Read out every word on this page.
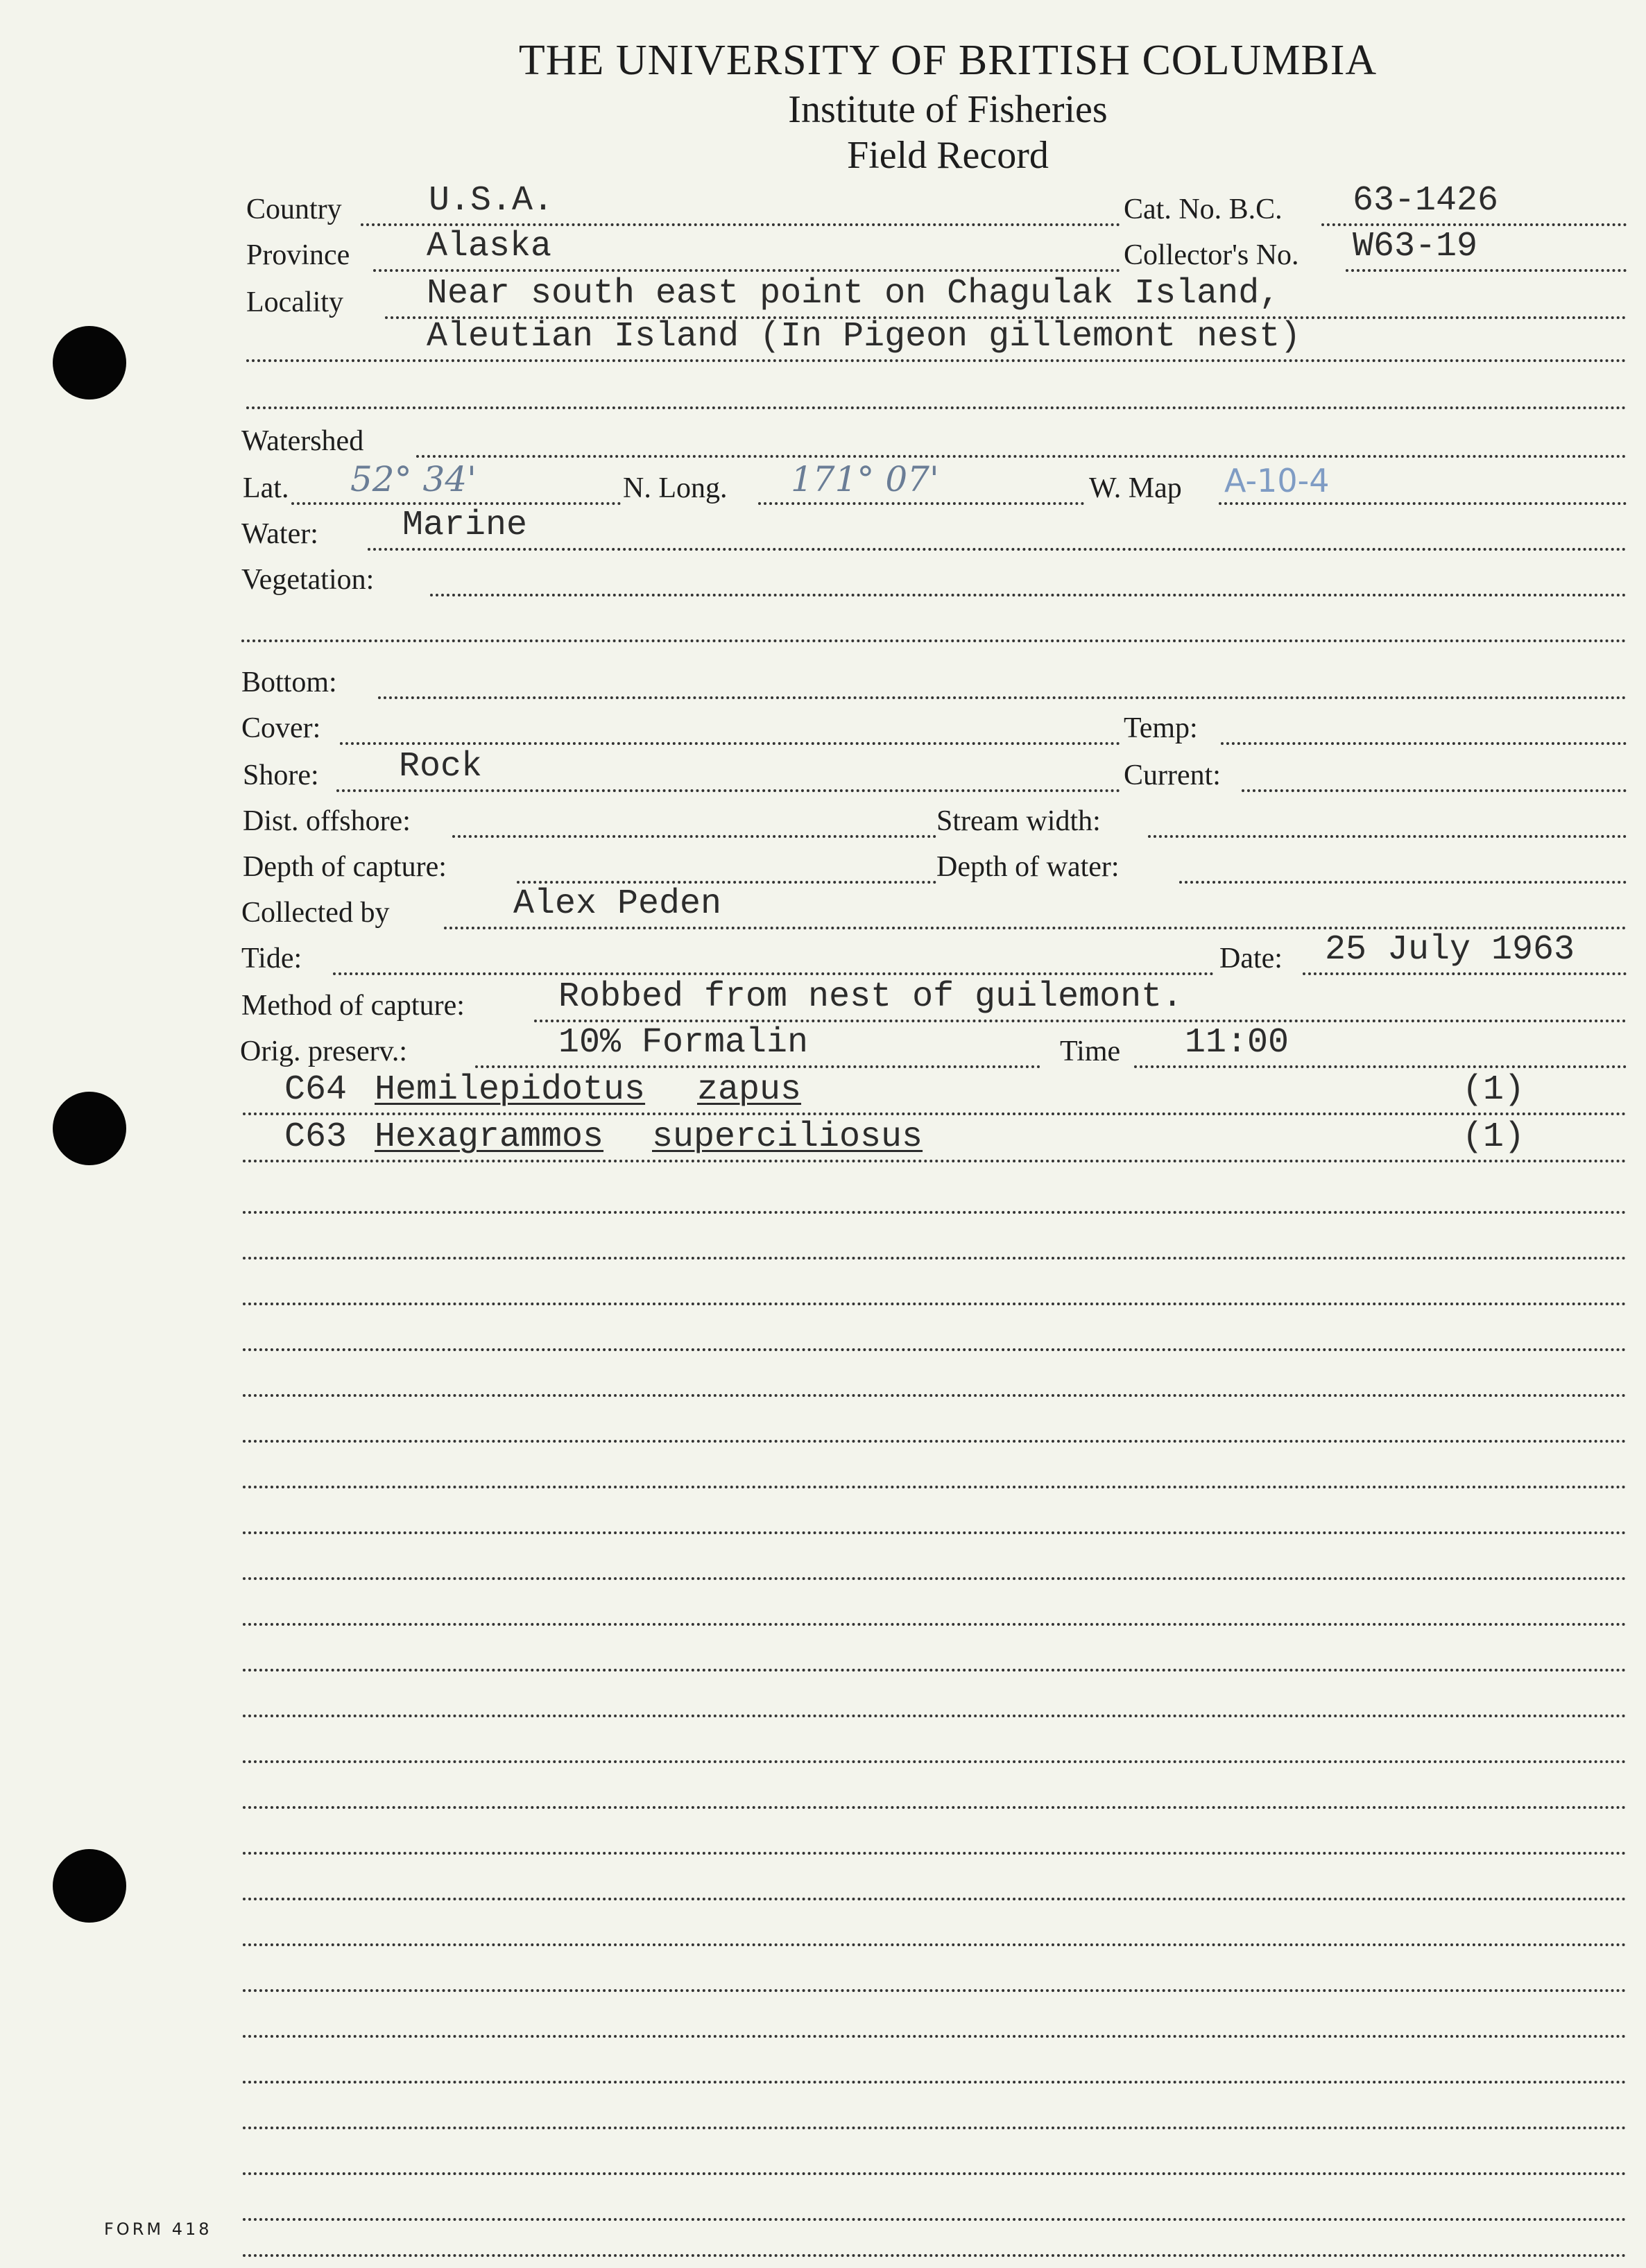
THE UNIVERSITY OF BRITISH COLUMBIA
Institute of Fisheries
Field Record
Country	U.S.A.	Cat. No. B.C. 63-1426
Province Alaska	Collector's No. W63-19
Locality Near south east point on Chagulak Island,
Aleutian Island (In Pigeon gillemont nest)
Watershed
Lat. 52° 34'	N. Long. 171° 07'	W. Map A-10-4
Water: Marine
Vegetation:
Bottom:
Cover:	Temp:
Shore: Rock	Current:
Dist. offshore:	Stream width:
Depth of capture:	Depth of water:
Collected by	Alex Peden
Tide:	Date: 25 July 1963
Method of capture:	Robbed from nest of guilemont.
Orig. preserv.:	10% Formalin	Time 11:00
C64 Hemilepidotus zapus	(1)
C63 Hexagrammos superciliosus	(1)
FORM 418
